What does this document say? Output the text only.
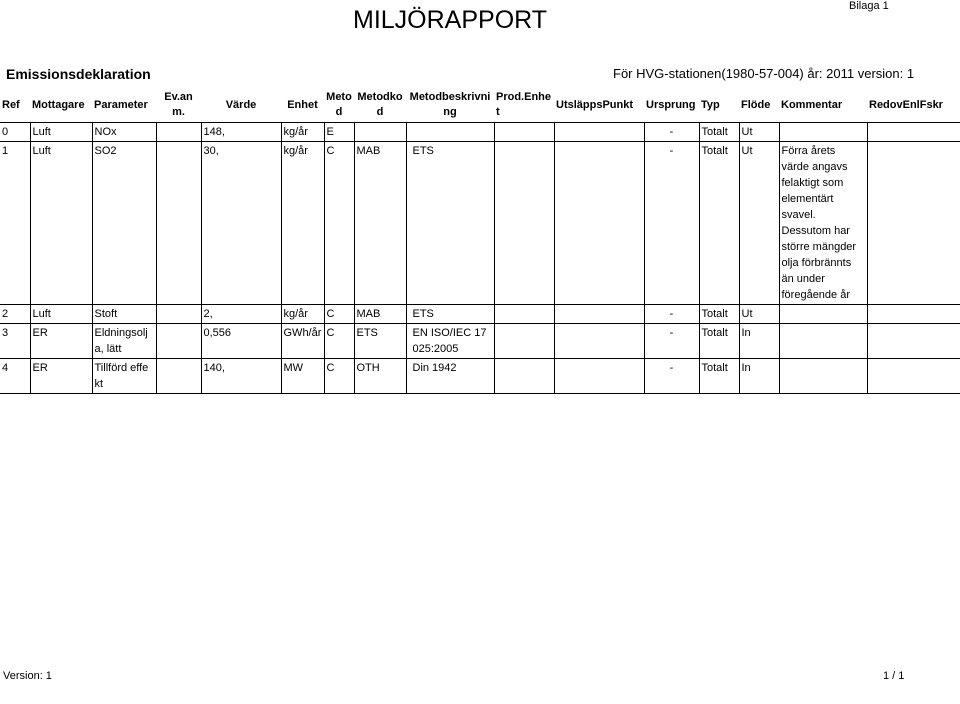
Bilaga 1
MILJÖRAPPORT
Emissionsdeklaration	För HVG-stationen(1980-57-004) år: 2011 version: 1
Ref	Mottagare	Parameter	Ev.anm.	Värde	Enhet	Metod	Metodkod	Metodbeskrivning	Prod.Enhet	UtsläppsPunkt	Ursprung	Typ	Flöde	Kommentar	RedovEnlFskr
0	Luft	NOx		148,	kg/år	E					-	Totalt	Ut		
1	Luft	SO2		30,	kg/år	C	MAB	ETS			-	Totalt	Ut	Förra årets värde angavs felaktigt som elementärt svavel. Dessutom har större mängder olja förbrännts än under föregående år	
2	Luft	Stoft		2,	kg/år	C	MAB	ETS			-	Totalt	Ut		
3	ER	Eldningsolja, lätt		0,556	GWh/år	C	ETS	EN ISO/IEC 17025:2005			-	Totalt	In		
4	ER	Tillförd effekt		140,	MW	C	OTH	Din 1942			-	Totalt	In		
Version: 1	1 / 1
